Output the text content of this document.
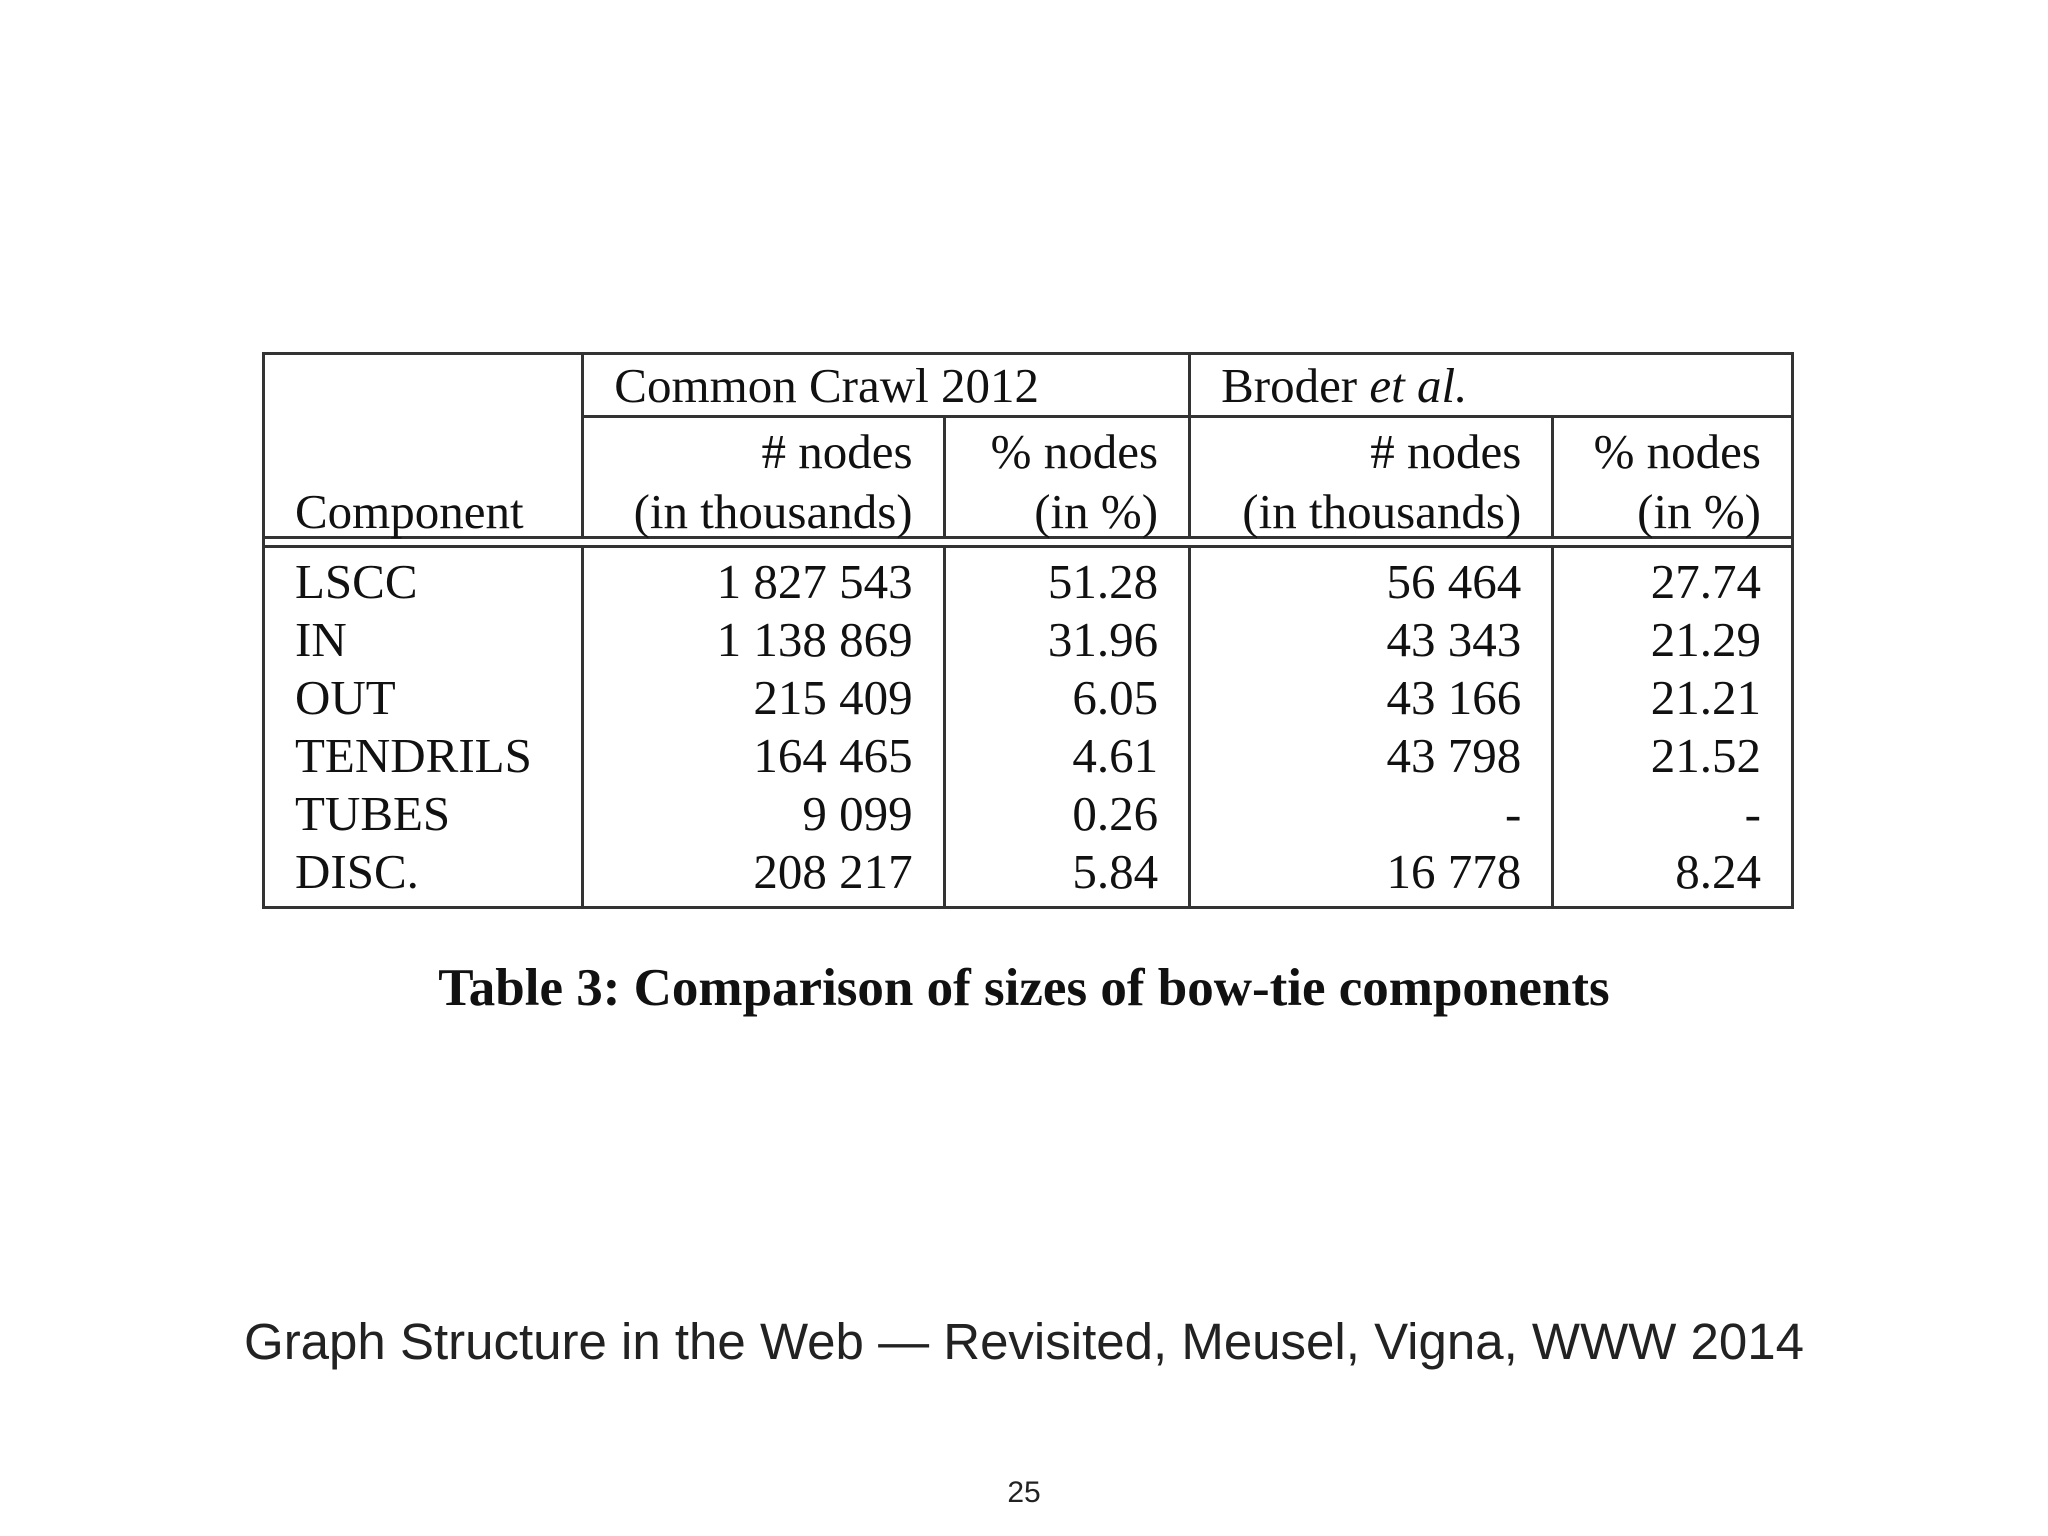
	Common Crawl 2012		Broder et al.	
	# nodes	% nodes	# nodes	% nodes
Component	(in thousands)	(in %)	(in thousands)	(in %)

LSCC	1 827 543	51.28	56 464	27.74
IN	1 138 869	31.96	43 343	21.29
OUT	215 409	6.05	43 166	21.21
TENDRILS	164 465	4.61	43 798	21.52
TUBES	9 099	0.26	-	-
DISC.	208 217	5.84	16 778	8.24
Table 3: Comparison of sizes of bow-tie components
Graph Structure in the Web — Revisited, Meusel, Vigna, WWW 2014
25
